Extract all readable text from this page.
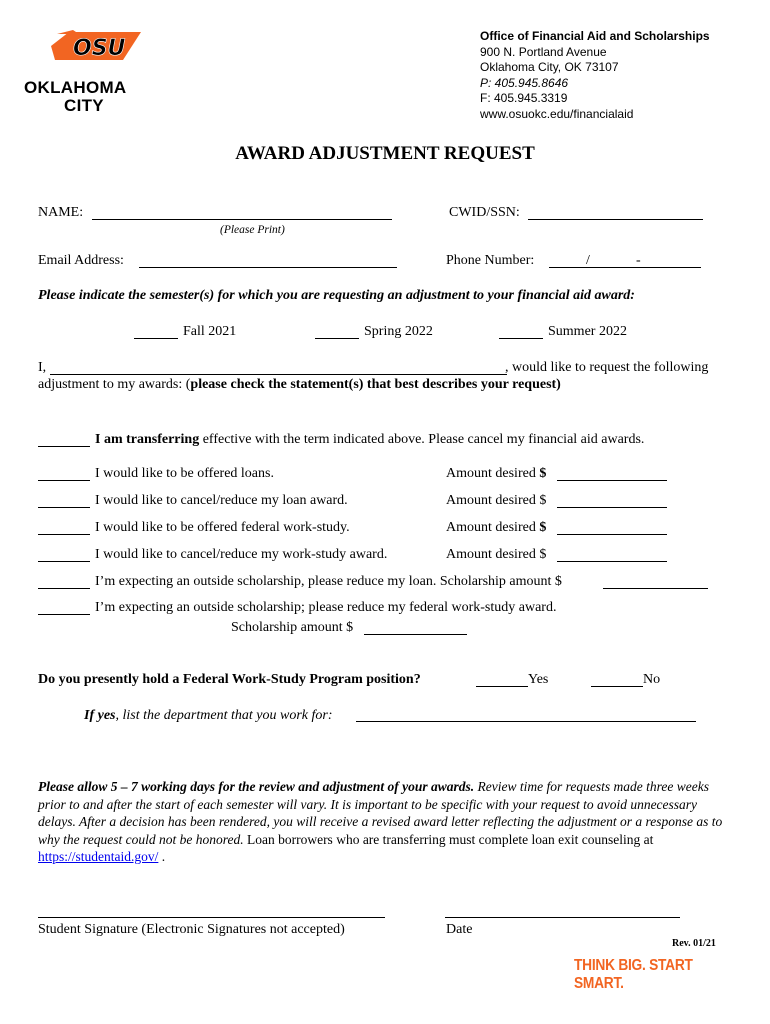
OSU
OKLAHOMA
CITY
Office of Financial Aid and Scholarships
900 N. Portland Avenue
Oklahoma City, OK 73107
P: 405.945.8646
F: 405.945.3319
www.osuokc.edu/financialaid
AWARD ADJUSTMENT REQUEST
NAME:
(Please Print)
CWID/SSN:
Email Address:	Phone Number:	/	-
Please indicate the semester(s) for which you are requesting an adjustment to your financial aid award:
Fall 2021	Spring 2022	Summer 2022
I,	, would like to request the following
adjustment to my awards: (please check the statement(s) that best describes your request)
I am transferring effective with the term indicated above. Please cancel my financial aid awards.
I would like to be offered loans.	Amount desired $
I would like to cancel/reduce my loan award.	Amount desired $
I would like to be offered federal work-study.	Amount desired $
I would like to cancel/reduce my work-study award.	Amount desired $
I’m expecting an outside scholarship, please reduce my loan. Scholarship amount $
I’m expecting an outside scholarship; please reduce my federal work-study award.
Scholarship amount $
Do you presently hold a Federal Work-Study Program position?	Yes	No
If yes, list the department that you work for:
Please allow 5 – 7 working days for the review and adjustment of your awards. Review time for requests made three weeks prior to and after the start of each semester will vary. It is important to be specific with your request to avoid unnecessary delays. After a decision has been rendered, you will receive a revised award letter reflecting the adjustment or a response as to why the request could not be honored. Loan borrowers who are transferring must complete loan exit counseling at https://studentaid.gov/ .
Student Signature (Electronic Signatures not accepted)	Date
Rev. 01/21
THINK BIG. START SMART.
